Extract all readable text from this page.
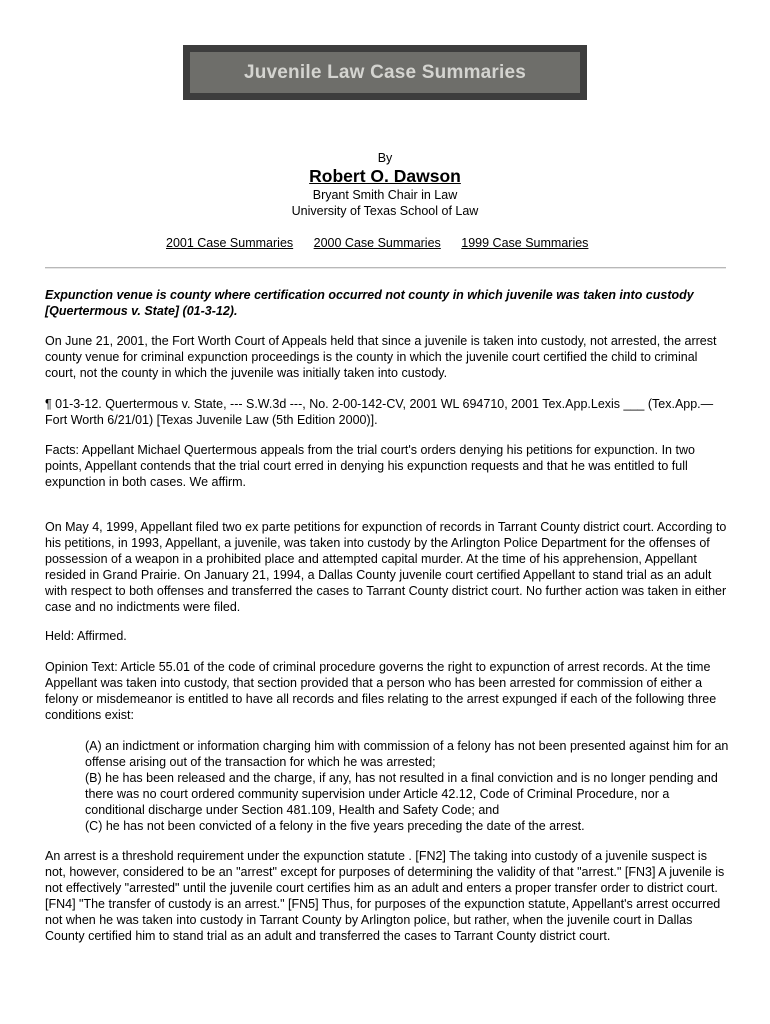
Juvenile Law Case Summaries
By
Robert O. Dawson
Bryant Smith Chair in Law
University of Texas School of Law
2001 Case Summaries 2000 Case Summaries 1999 Case Summaries

Expunction venue is county where certification occurred not county in which juvenile was taken into custody [Quertermous v. State] (01-3-12).

On June 21, 2001, the Fort Worth Court of Appeals held that since a juvenile is taken into custody, not arrested, the arrest county venue for criminal expunction proceedings is the county in which the juvenile court certified the child to criminal court, not the county in which the juvenile was initially taken into custody.

¶ 01-3-12. Quertermous v. State, --- S.W.3d ---, No. 2-00-142-CV, 2001 WL 694710, 2001 Tex.App.Lexis ___ (Tex.App.—Fort Worth 6/21/01) [Texas Juvenile Law (5th Edition 2000)].

Facts: Appellant Michael Quertermous appeals from the trial court's orders denying his petitions for expunction. In two points, Appellant contends that the trial court erred in denying his expunction requests and that he was entitled to full expunction in both cases. We affirm.

On May 4, 1999, Appellant filed two ex parte petitions for expunction of records in Tarrant County district court. According to his petitions, in 1993, Appellant, a juvenile, was taken into custody by the Arlington Police Department for the offenses of possession of a weapon in a prohibited place and attempted capital murder. At the time of his apprehension, Appellant resided in Grand Prairie. On January 21, 1994, a Dallas County juvenile court certified Appellant to stand trial as an adult with respect to both offenses and transferred the cases to Tarrant County district court. No further action was taken in either case and no indictments were filed.

Held: Affirmed.

Opinion Text: Article 55.01 of the code of criminal procedure governs the right to expunction of arrest records. At the time Appellant was taken into custody, that section provided that a person who has been arrested for commission of either a felony or misdemeanor is entitled to have all records and files relating to the arrest expunged if each of the following three conditions exist:

(A) an indictment or information charging him with commission of a felony has not been presented against him for an offense arising out of the transaction for which he was arrested;
(B) he has been released and the charge, if any, has not resulted in a final conviction and is no longer pending and there was no court ordered community supervision under Article 42.12, Code of Criminal Procedure, nor a conditional discharge under Section 481.109, Health and Safety Code; and
(C) he has not been convicted of a felony in the five years preceding the date of the arrest.

An arrest is a threshold requirement under the expunction statute . [FN2] The taking into custody of a juvenile suspect is not, however, considered to be an "arrest" except for purposes of determining the validity of that "arrest." [FN3] A juvenile is not effectively "arrested" until the juvenile court certifies him as an adult and enters a proper transfer order to district court. [FN4] "The transfer of custody is an arrest." [FN5] Thus, for purposes of the expunction statute, Appellant's arrest occurred not when he was taken into custody in Tarrant County by Arlington police, but rather, when the juvenile court in Dallas County certified him to stand trial as an adult and transferred the cases to Tarrant County district court.
